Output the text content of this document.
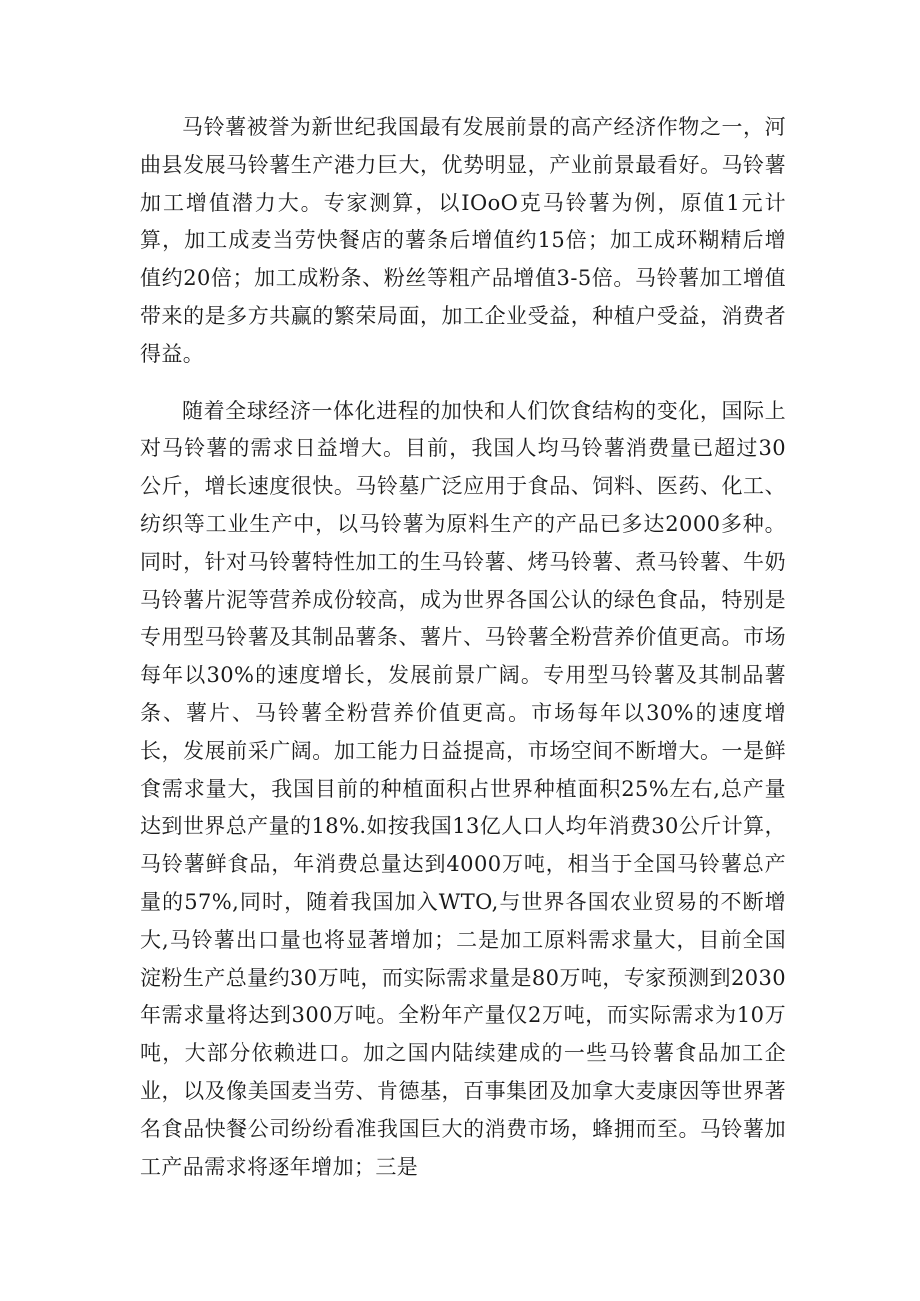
马铃薯被誉为新世纪我国最有发展前景的高产经济作物之一，河曲县发展马铃薯生产港力巨大，优势明显，产业前景最看好。马铃薯加工增值潜力大。专家测算，以IOoO克马铃薯为例，原值1元计算，加工成麦当劳快餐店的薯条后增值约15倍；加工成环糊精后增值约20倍；加工成粉条、粉丝等粗产品增值3-5倍。马铃薯加工增值带来的是多方共赢的繁荣局面，加工企业受益，种植户受益，消费者得益。

随着全球经济一体化进程的加快和人们饮食结构的变化，国际上对马铃薯的需求日益增大。目前，我国人均马铃薯消费量已超过30公斤，增长速度很快。马铃墓广泛应用于食品、饲料、医药、化工、纺织等工业生产中，以马铃薯为原料生产的产品已多达2000多种。同时，针对马铃薯特性加工的生马铃薯、烤马铃薯、煮马铃薯、牛奶马铃薯片泥等营养成份较高，成为世界各国公认的绿色食品，特别是专用型马铃薯及其制品薯条、薯片、马铃薯全粉营养价值更高。市场每年以30%的速度增长，发展前景广阔。专用型马铃薯及其制品薯条、薯片、马铃薯全粉营养价值更高。市场每年以30%的速度增长，发展前采广阔。加工能力日益提高，市场空间不断增大。一是鲜食需求量大，我国目前的种植面积占世界种植面积25%左右,总产量达到世界总产量的18%.如按我国13亿人口人均年消费30公斤计算，马铃薯鲜食品，年消费总量达到4000万吨，相当于全国马铃薯总产量的57%,同时，随着我国加入WTO,与世界各国农业贸易的不断增大,马铃薯出口量也将显著增加；二是加工原料需求量大，目前全国淀粉生产总量约30万吨，而实际需求量是80万吨，专家预测到2030年需求量将达到300万吨。全粉年产量仅2万吨，而实际需求为10万吨，大部分依赖进口。加之国内陆续建成的一些马铃薯食品加工企业，以及像美国麦当劳、肯德基，百事集团及加拿大麦康因等世界著名食品快餐公司纷纷看准我国巨大的消费市场，蜂拥而至。马铃薯加工产品需求将逐年增加；三是
